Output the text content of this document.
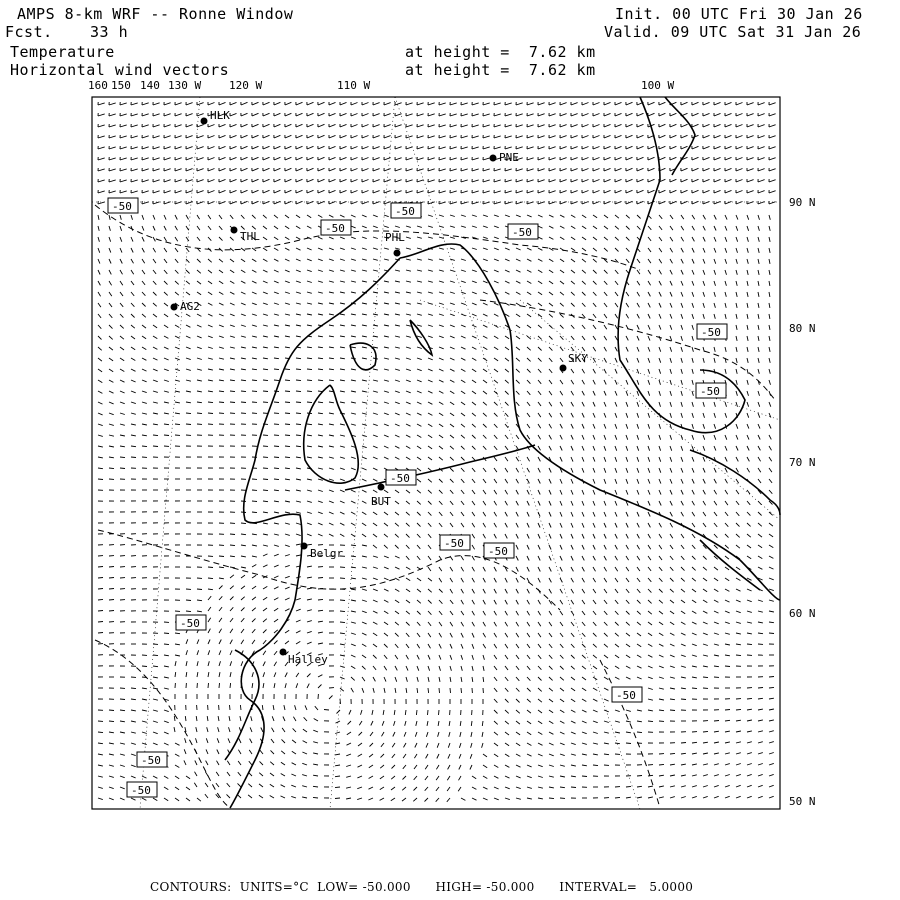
AMPS 8-km WRF -- Ronne Window
Fcst. 33 h
Temperature
Horizontal wind vectors
at height =  7.62 km
at height =  7.62 km
Init. 00 UTC Fri 30 Jan 26
Valid. 09 UTC Sat 31 Jan 26
-50	-50
-50	-50
-50
-50
-50
-50
-50
-50
-50
-50
-50
HLK
PNE
THL	PHL
AG2
SKY
BUT
Belgr
Halley
160 150 140 130 W	120 W	110 W	100 W
90 N
80 N
70 N
60 N
50 N
CONTOURS:  UNITS=°C  LOW= -50.000      HIGH= -50.000      INTERVAL=   5.0000
